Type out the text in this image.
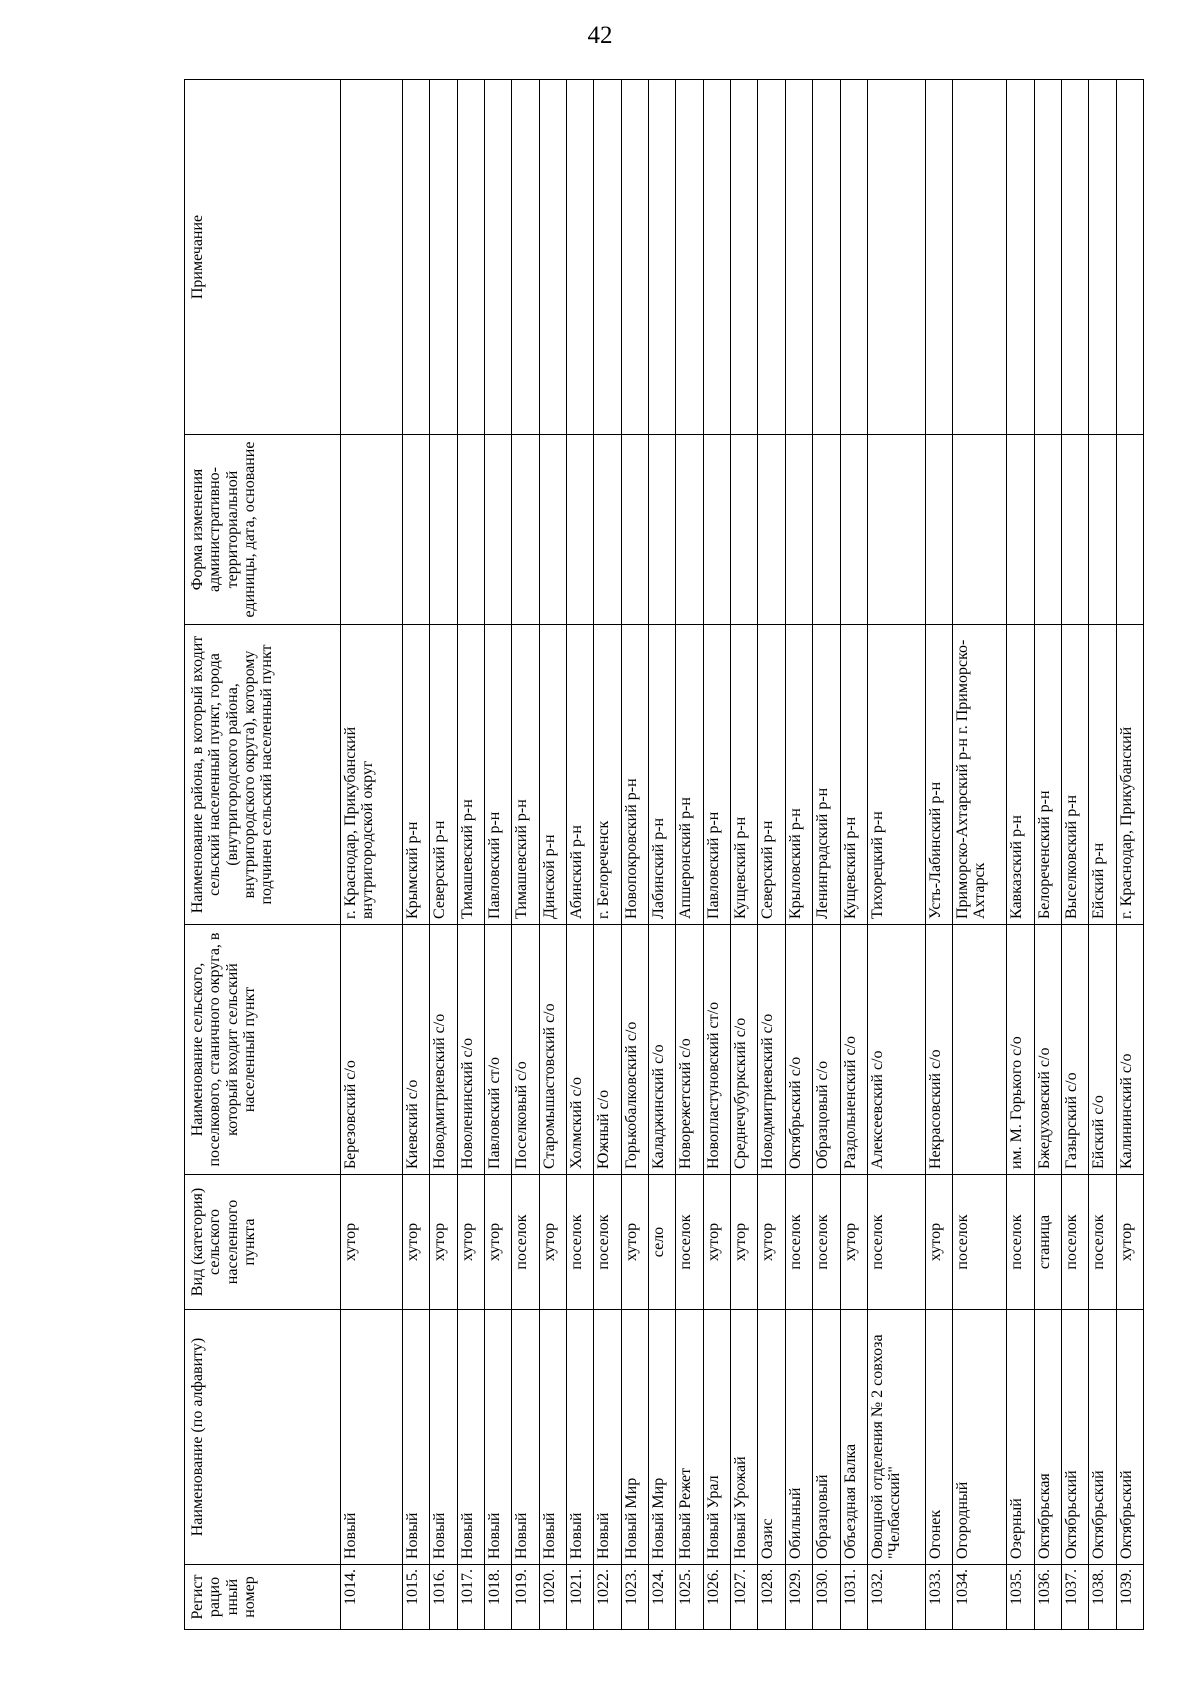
42
Регист рацио нный номер	Наименование (по алфавиту)	Вид (категория) сельского населенного пункта	Наименование сельского, поселкового, станичного округа, в который входит сельский населенный пункт	Наименование района, в который входит сельский населенный пункт, города (внутригородского района, внутригородского округа), которому подчинен сельский населенный пункт	Форма изменения административно-территориальной единицы, дата, основание	Примечание
1014.	Новый	хутор	Березовский с/о	г. Краснодар, Прикубанский внутригородской округ		
1015.	Новый	хутор	Киевский с/о	Крымский р-н		
1016.	Новый	хутор	Новодмитриевский с/о	Северский р-н		
1017.	Новый	хутор	Новоленинский с/о	Тимашевский р-н		
1018.	Новый	хутор	Павловский ст/о	Павловский р-н		
1019.	Новый	поселок	Поселковый с/о	Тимашевский р-н		
1020.	Новый	хутор	Старомышастовский с/о	Динской р-н		
1021.	Новый	поселок	Холмский с/о	Абинский р-н		
1022.	Новый	поселок	Южный с/о	г. Белореченск		
1023.	Новый Мир	хутор	Горькобалковский с/о	Новопокровский р-н		
1024.	Новый Мир	село	Каладжинский с/о	Лабинский р-н		
1025.	Новый Режет	поселок	Новорежетский с/о	Апшеронский р-н		
1026.	Новый Урал	хутор	Новопластуновский ст/о	Павловский р-н		
1027.	Новый Урожай	хутор	Среднечубуркский с/о	Кущевский р-н		
1028.	Оазис	хутор	Новодмитриевский с/о	Северский р-н		
1029.	Обильный	поселок	Октябрьский с/о	Крыловский р-н		
1030.	Образцовый	поселок	Образцовый с/о	Ленинградский р-н		
1031.	Объездная Балка	хутор	Раздольненский с/о	Кущевский р-н		
1032.	Овощной отделения № 2 совхоза "Челбасский"	поселок	Алексеевский с/о	Тихорецкий р-н		
1033.	Огонек	хутор	Некрасовский с/о	Усть-Лабинский р-н		
1034.	Огородный	поселок		Приморско-Ахтарский р-н г. Приморско-Ахтарск		
1035.	Озерный	поселок	им. М. Горького с/о	Кавказский р-н		
1036.	Октябрьская	станица	Бжедуховский с/о	Белореченский р-н		
1037.	Октябрьский	поселок	Газырский с/о	Выселковский р-н		
1038.	Октябрьский	поселок	Ейский с/о	Ейский р-н		
1039.	Октябрьский	хутор	Калининский с/о	г. Краснодар, Прикубанский		
